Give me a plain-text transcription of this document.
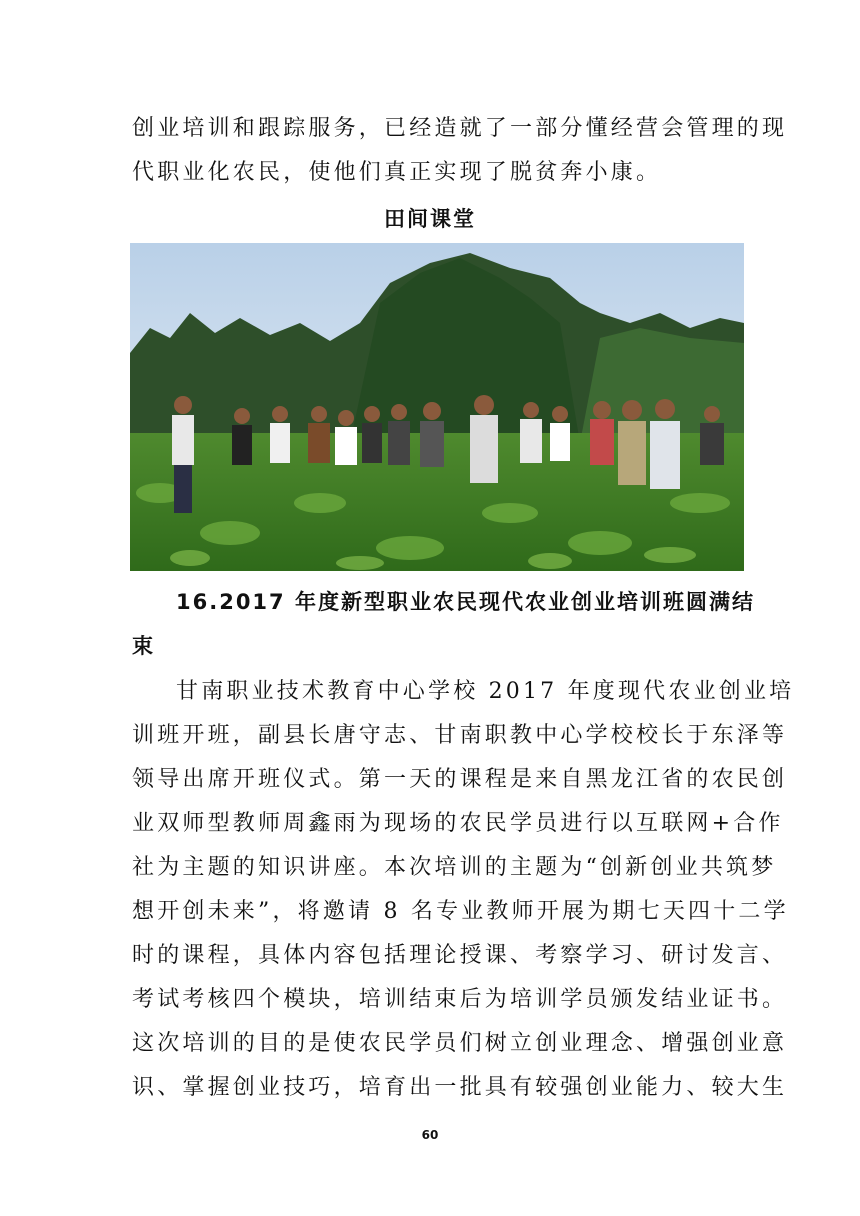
创业培训和跟踪服务，已经造就了一部分懂经营会管理的现
代职业化农民，使他们真正实现了脱贫奔小康。
田间课堂
16.2017 年度新型职业农民现代农业创业培训班圆满结
束
甘南职业技术教育中心学校 2017 年度现代农业创业培
训班开班，副县长唐守志、甘南职教中心学校校长于东泽等
领导出席开班仪式。第一天的课程是来自黑龙江省的农民创
业双师型教师周鑫雨为现场的农民学员进行以互联网+合作
社为主题的知识讲座。本次培训的主题为“创新创业共筑梦
想开创未来”，将邀请 8 名专业教师开展为期七天四十二学
时的课程，具体内容包括理论授课、考察学习、研讨发言、
考试考核四个模块，培训结束后为培训学员颁发结业证书。
这次培训的目的是使农民学员们树立创业理念、增强创业意
识、掌握创业技巧，培育出一批具有较强创业能力、较大生
60
